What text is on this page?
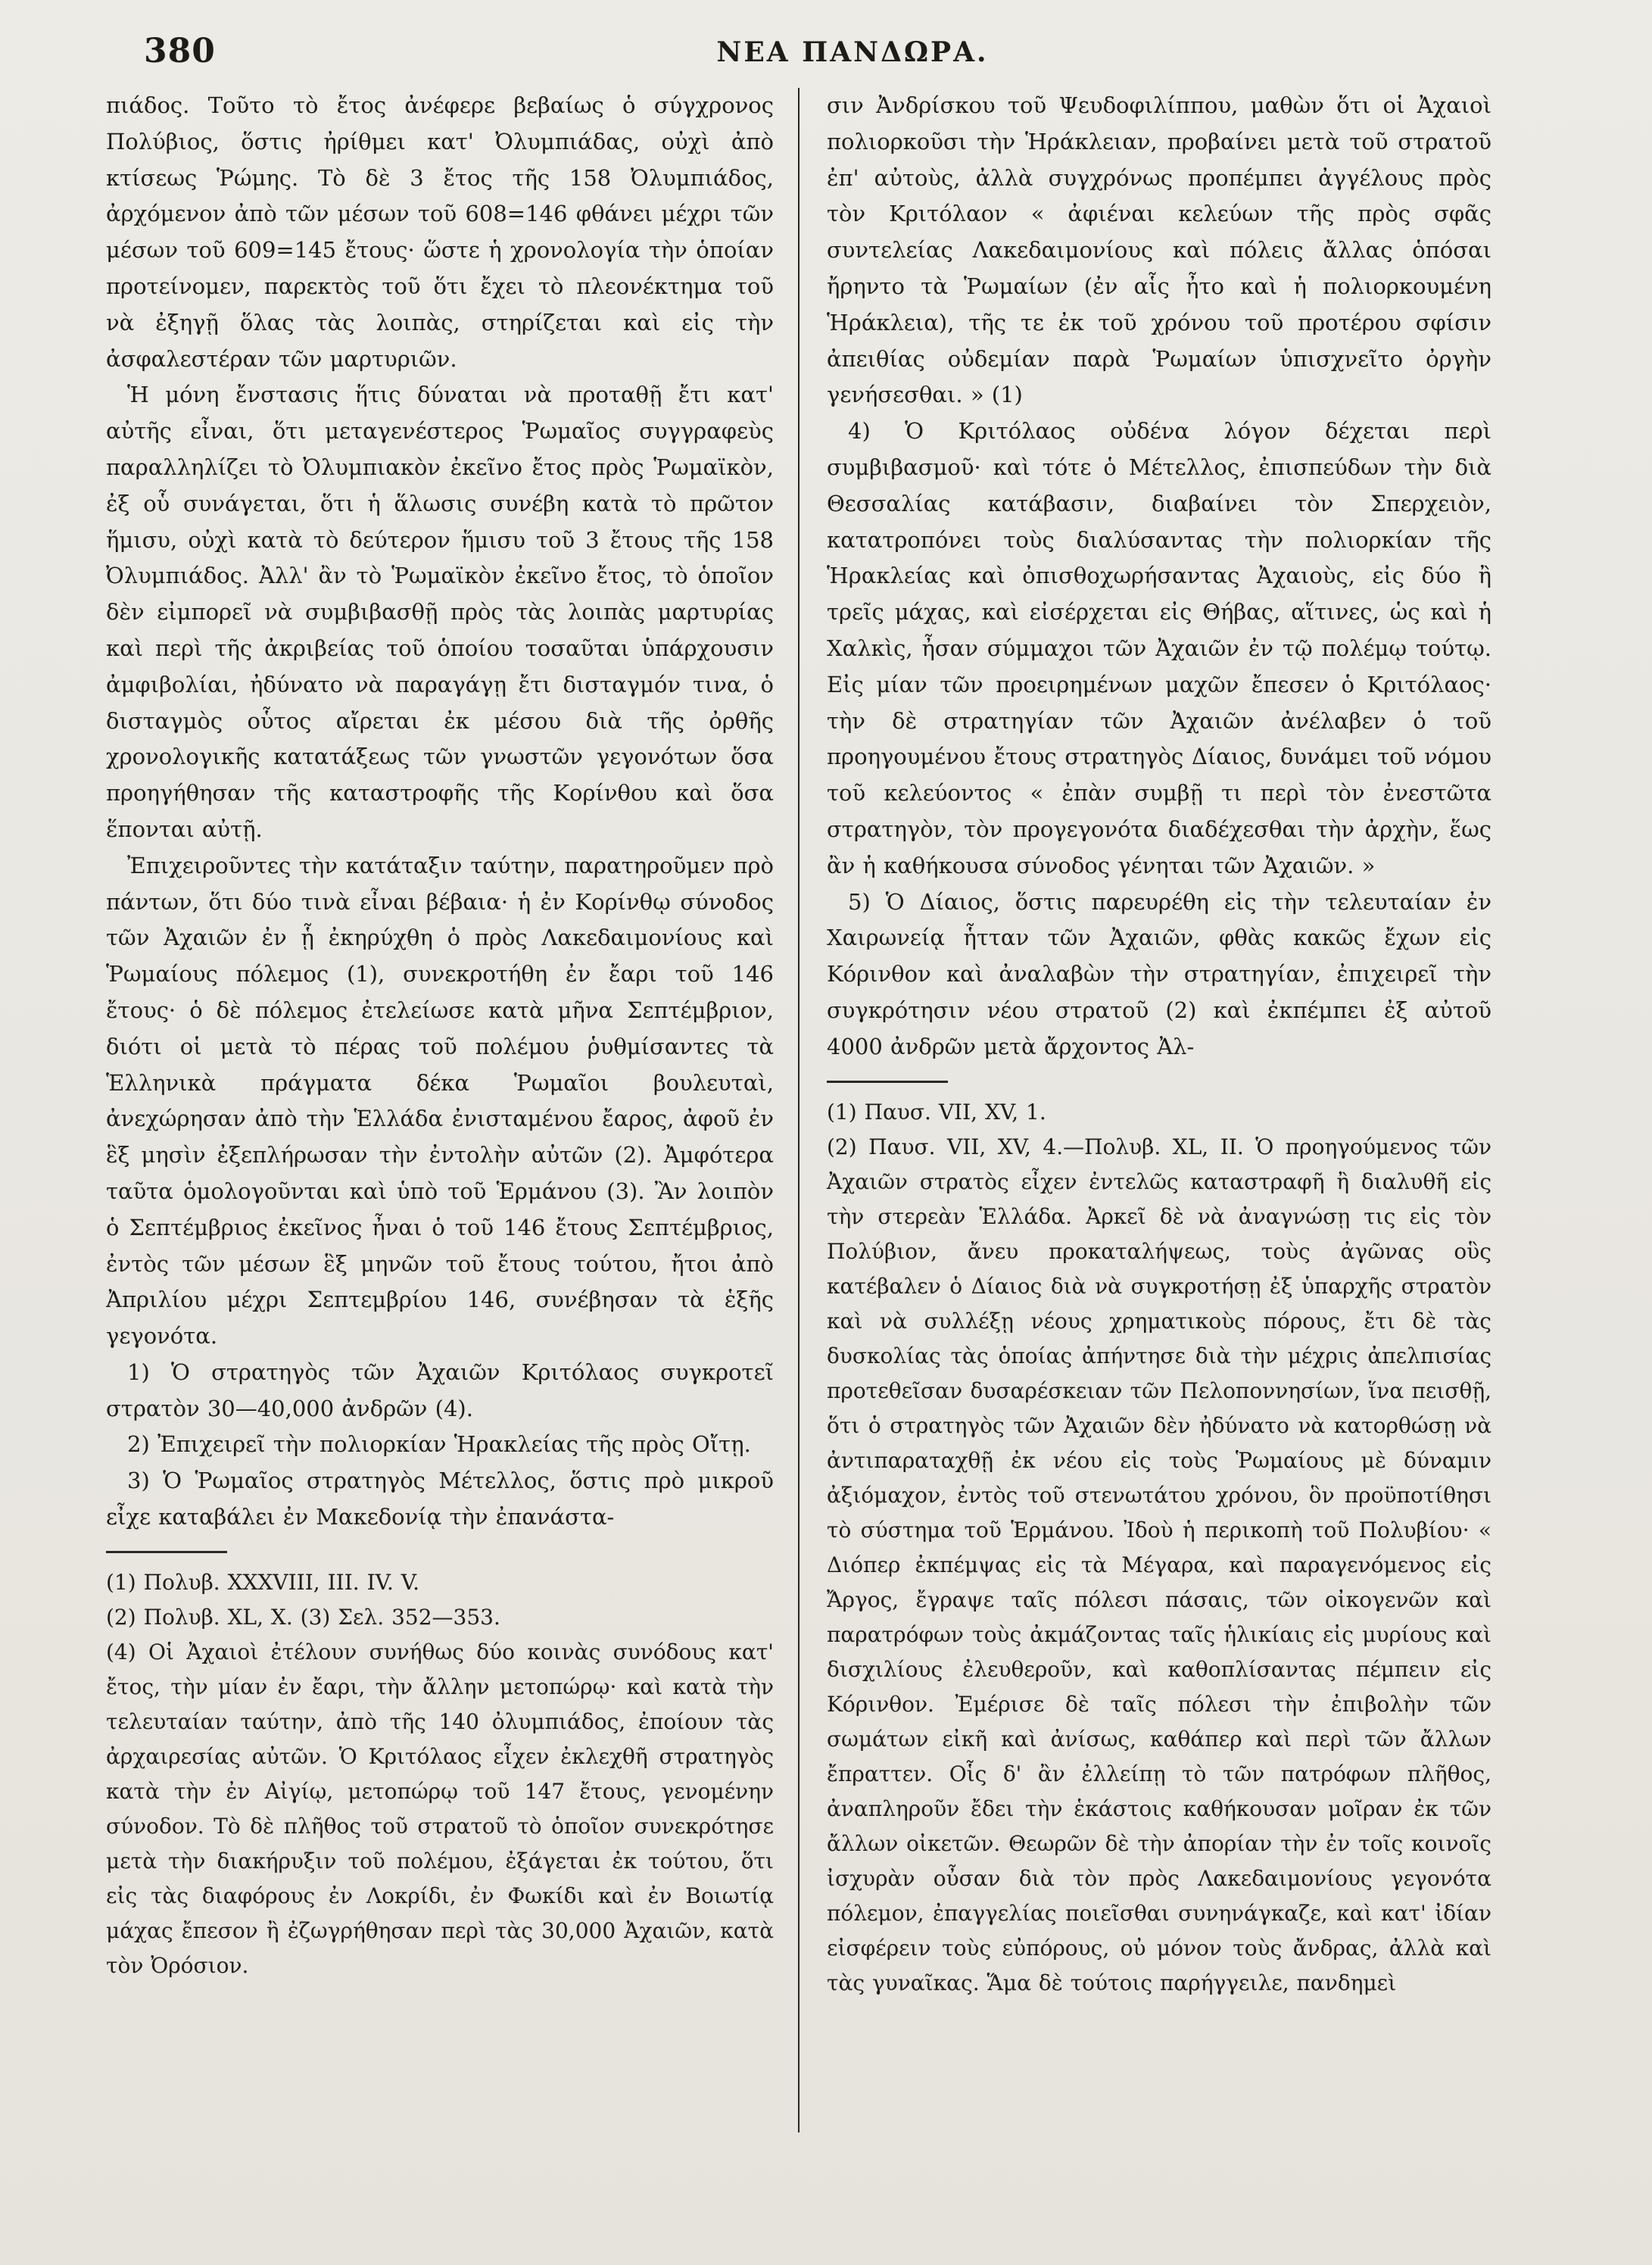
380	ΝΕΑ ΠΑΝΔΩΡΑ.

πιάδος. Τοῦτο τὸ ἔτος ἀνέφερε βεβαίως ὁ σύγχρονος Πολύβιος, ὅστις ἠρίθμει κατ' Ὀλυμπιάδας, οὐχὶ ἀπὸ κτίσεως Ῥώμης. Τὸ δὲ 3 ἔτος τῆς 158 Ὀλυμπιάδος, ἀρχόμενον ἀπὸ τῶν μέσων τοῦ 608=146 φθάνει μέχρι τῶν μέσων τοῦ 609=145 ἔτους· ὥστε ἡ χρονολογία τὴν ὁποίαν προτείνομεν, παρεκτὸς τοῦ ὅτι ἔχει τὸ πλεονέκτημα τοῦ νὰ ἐξηγῇ ὅλας τὰς λοιπὰς, στηρίζεται καὶ εἰς τὴν ἀσφαλεστέραν τῶν μαρτυριῶν.

Ἡ μόνη ἔνστασις ἥτις δύναται νὰ προταθῇ ἔτι κατ' αὐτῆς εἶναι, ὅτι μεταγενέστερος Ῥωμαῖος συγγραφεὺς παραλληλίζει τὸ Ὀλυμπιακὸν ἐκεῖνο ἔτος πρὸς Ῥωμαϊκὸν, ἐξ οὗ συνάγεται, ὅτι ἡ ἅλωσις συνέβη κατὰ τὸ πρῶτον ἥμισυ, οὐχὶ κατὰ τὸ δεύτερον ἥμισυ τοῦ 3 ἔτους τῆς 158 Ὀλυμπιάδος. Ἀλλ' ἂν τὸ Ῥωμαϊκὸν ἐκεῖνο ἔτος, τὸ ὁποῖον δὲν εἰμπορεῖ νὰ συμβιβασθῇ πρὸς τὰς λοιπὰς μαρτυρίας καὶ περὶ τῆς ἀκριβείας τοῦ ὁποίου τοσαῦται ὑπάρχουσιν ἀμφιβολίαι, ἠδύνατο νὰ παραγάγῃ ἔτι δισταγμόν τινα, ὁ δισταγμὸς οὗτος αἴρεται ἐκ μέσου διὰ τῆς ὀρθῆς χρονολογικῆς κατατάξεως τῶν γνωστῶν γεγονότων ὅσα προηγήθησαν τῆς καταστροφῆς τῆς Κορίνθου καὶ ὅσα ἕπονται αὐτῇ.

Ἐπιχειροῦντες τὴν κατάταξιν ταύτην, παρατηροῦμεν πρὸ πάντων, ὅτι δύο τινὰ εἶναι βέβαια· ἡ ἐν Κορίνθῳ σύνοδος τῶν Ἀχαιῶν ἐν ᾗ ἐκηρύχθη ὁ πρὸς Λακεδαιμονίους καὶ Ῥωμαίους πόλεμος (1), συνεκροτήθη ἐν ἔαρι τοῦ 146 ἔτους· ὁ δὲ πόλεμος ἐτελείωσε κατὰ μῆνα Σεπτέμβριον, διότι οἱ μετὰ τὸ πέρας τοῦ πολέμου ῥυθμίσαντες τὰ Ἑλληνικὰ πράγματα δέκα Ῥωμαῖοι βουλευταὶ, ἀνεχώρησαν ἀπὸ τὴν Ἑλλάδα ἐνισταμένου ἔαρος, ἀφοῦ ἐν ἓξ μησὶν ἐξεπλήρωσαν τὴν ἐντολὴν αὐτῶν (2). Ἀμφότερα ταῦτα ὁμολογοῦνται καὶ ὑπὸ τοῦ Ἑρμάνου (3). Ἂν λοιπὸν ὁ Σεπτέμβριος ἐκεῖνος ἦναι ὁ τοῦ 146 ἔτους Σεπτέμβριος, ἐντὸς τῶν μέσων ἓξ μηνῶν τοῦ ἔτους τούτου, ἤτοι ἀπὸ Ἀπριλίου μέχρι Σεπτεμβρίου 146, συνέβησαν τὰ ἑξῆς γεγονότα.

1) Ὁ στρατηγὸς τῶν Ἀχαιῶν Κριτόλαος συγκροτεῖ στρατὸν 30—40,000 ἀνδρῶν (4).

2) Ἐπιχειρεῖ τὴν πολιορκίαν Ἡρακλείας τῆς πρὸς Οἴτῃ.

3) Ὁ Ῥωμαῖος στρατηγὸς Μέτελλος, ὅστις πρὸ μικροῦ εἶχε καταβάλει ἐν Μακεδονίᾳ τὴν ἐπανάστα-

(1) Πολυβ. XXXVIII, III. IV. V.

(2) Πολυβ. XL, X. (3) Σελ. 352—353.

(4) Οἱ Ἀχαιοὶ ἐτέλουν συνήθως δύο κοινὰς συνόδους κατ' ἔτος, τὴν μίαν ἐν ἔαρι, τὴν ἄλλην μετοπώρῳ· καὶ κατὰ τὴν τελευταίαν ταύτην, ἀπὸ τῆς 140 ὀλυμπιάδος, ἐποίουν τὰς ἀρχαιρεσίας αὐτῶν. Ὁ Κριτόλαος εἶχεν ἐκλεχθῆ στρατηγὸς κατὰ τὴν ἐν Αἰγίῳ, μετοπώρῳ τοῦ 147 ἔτους, γενομένην σύνοδον. Τὸ δὲ πλῆθος τοῦ στρατοῦ τὸ ὁποῖον συνεκρότησε μετὰ τὴν διακήρυξιν τοῦ πολέμου, ἐξάγεται ἐκ τούτου, ὅτι εἰς τὰς διαφόρους ἐν Λοκρίδι, ἐν Φωκίδι καὶ ἐν Βοιωτίᾳ μάχας ἔπεσον ἢ ἐζωγρήθησαν περὶ τὰς 30,000 Ἀχαιῶν, κατὰ τὸν Ὀρόσιον.

σιν Ἀνδρίσκου τοῦ Ψευδοφιλίππου, μαθὼν ὅτι οἱ Ἀχαιοὶ πολιορκοῦσι τὴν Ἡράκλειαν, προβαίνει μετὰ τοῦ στρατοῦ ἐπ' αὐτοὺς, ἀλλὰ συγχρόνως προπέμπει ἀγγέλους πρὸς τὸν Κριτόλαον « ἀφιέναι κελεύων τῆς πρὸς σφᾶς συντελείας Λακεδαιμονίους καὶ πόλεις ἄλλας ὁπόσαι ἤρηντο τὰ Ῥωμαίων (ἐν αἷς ἦτο καὶ ἡ πολιορκουμένη Ἡράκλεια), τῆς τε ἐκ τοῦ χρόνου τοῦ προτέρου σφίσιν ἀπειθίας οὐδεμίαν παρὰ Ῥωμαίων ὑπισχνεῖτο ὀργὴν γενήσεσθαι. » (1)

4) Ὁ Κριτόλαος οὐδένα λόγον δέχεται περὶ συμβιβασμοῦ· καὶ τότε ὁ Μέτελλος, ἐπισπεύδων τὴν διὰ Θεσσαλίας κατάβασιν, διαβαίνει τὸν Σπερχειὸν, κατατροπόνει τοὺς διαλύσαντας τὴν πολιορκίαν τῆς Ἡρακλείας καὶ ὀπισθοχωρήσαντας Ἀχαιοὺς, εἰς δύο ἢ τρεῖς μάχας, καὶ εἰσέρχεται εἰς Θήβας, αἵτινες, ὡς καὶ ἡ Χαλκὶς, ἦσαν σύμμαχοι τῶν Ἀχαιῶν ἐν τῷ πολέμῳ τούτῳ. Εἰς μίαν τῶν προειρημένων μαχῶν ἔπεσεν ὁ Κριτόλαος· τὴν δὲ στρατηγίαν τῶν Ἀχαιῶν ἀνέλαβεν ὁ τοῦ προηγουμένου ἔτους στρατηγὸς Δίαιος, δυνάμει τοῦ νόμου τοῦ κελεύοντος « ἐπὰν συμβῇ τι περὶ τὸν ἐνεστῶτα στρατηγὸν, τὸν προγεγονότα διαδέχεσθαι τὴν ἀρχὴν, ἕως ἂν ἡ καθήκουσα σύνοδος γένηται τῶν Ἀχαιῶν. »

5) Ὁ Δίαιος, ὅστις παρευρέθη εἰς τὴν τελευταίαν ἐν Χαιρωνείᾳ ἧτταν τῶν Ἀχαιῶν, φθὰς κακῶς ἔχων εἰς Κόρινθον καὶ ἀναλαβὼν τὴν στρατηγίαν, ἐπιχειρεῖ τὴν συγκρότησιν νέου στρατοῦ (2) καὶ ἐκπέμπει ἐξ αὐτοῦ 4000 ἀνδρῶν μετὰ ἄρχοντος Ἀλ-

(1) Παυσ. VII, XV, 1.

(2) Παυσ. VII, XV, 4.—Πολυβ. XL, II. Ὁ προηγούμενος τῶν Ἀχαιῶν στρατὸς εἶχεν ἐντελῶς καταστραφῆ ἢ διαλυθῆ εἰς τὴν στερεὰν Ἑλλάδα. Ἀρκεῖ δὲ νὰ ἀναγνώσῃ τις εἰς τὸν Πολύβιον, ἄνευ προκαταλήψεως, τοὺς ἀγῶνας οὓς κατέβαλεν ὁ Δίαιος διὰ νὰ συγκροτήσῃ ἐξ ὑπαρχῆς στρατὸν καὶ νὰ συλλέξῃ νέους χρηματικοὺς πόρους, ἔτι δὲ τὰς δυσκολίας τὰς ὁποίας ἀπήντησε διὰ τὴν μέχρις ἀπελπισίας προτεθεῖσαν δυσαρέσκειαν τῶν Πελοποννησίων, ἵνα πεισθῇ, ὅτι ὁ στρατηγὸς τῶν Ἀχαιῶν δὲν ἠδύνατο νὰ κατορθώσῃ νὰ ἀντιπαραταχθῇ ἐκ νέου εἰς τοὺς Ῥωμαίους μὲ δύναμιν ἀξιόμαχον, ἐντὸς τοῦ στενωτάτου χρόνου, ὃν προϋποτίθησι τὸ σύστημα τοῦ Ἑρμάνου. Ἰδοὺ ἡ περικοπὴ τοῦ Πολυβίου· « Διόπερ ἐκπέμψας εἰς τὰ Μέγαρα, καὶ παραγενόμενος εἰς Ἄργος, ἔγραψε ταῖς πόλεσι πάσαις, τῶν οἰκογενῶν καὶ παρατρόφων τοὺς ἀκμάζοντας ταῖς ἡλικίαις εἰς μυρίους καὶ δισχιλίους ἐλευθεροῦν, καὶ καθοπλίσαντας πέμπειν εἰς Κόρινθον. Ἐμέρισε δὲ ταῖς πόλεσι τὴν ἐπιβολὴν τῶν σωμάτων εἰκῆ καὶ ἀνίσως, καθάπερ καὶ περὶ τῶν ἄλλων ἔπραττεν. Οἷς δ' ἂν ἐλλείπῃ τὸ τῶν πατρόφων πλῆθος, ἀναπληροῦν ἔδει τὴν ἑκάστοις καθήκουσαν μοῖραν ἐκ τῶν ἄλλων οἰκετῶν. Θεωρῶν δὲ τὴν ἀπορίαν τὴν ἐν τοῖς κοινοῖς ἰσχυρὰν οὖσαν διὰ τὸν πρὸς Λακεδαιμονίους γεγονότα πόλεμον, ἐπαγγελίας ποιεῖσθαι συνηνάγκαζε, καὶ κατ' ἰδίαν εἰσφέρειν τοὺς εὐπόρους, οὐ μόνον τοὺς ἄνδρας, ἀλλὰ καὶ τὰς γυναῖκας. Ἅμα δὲ τούτοις παρήγγειλε, πανδημεὶ
